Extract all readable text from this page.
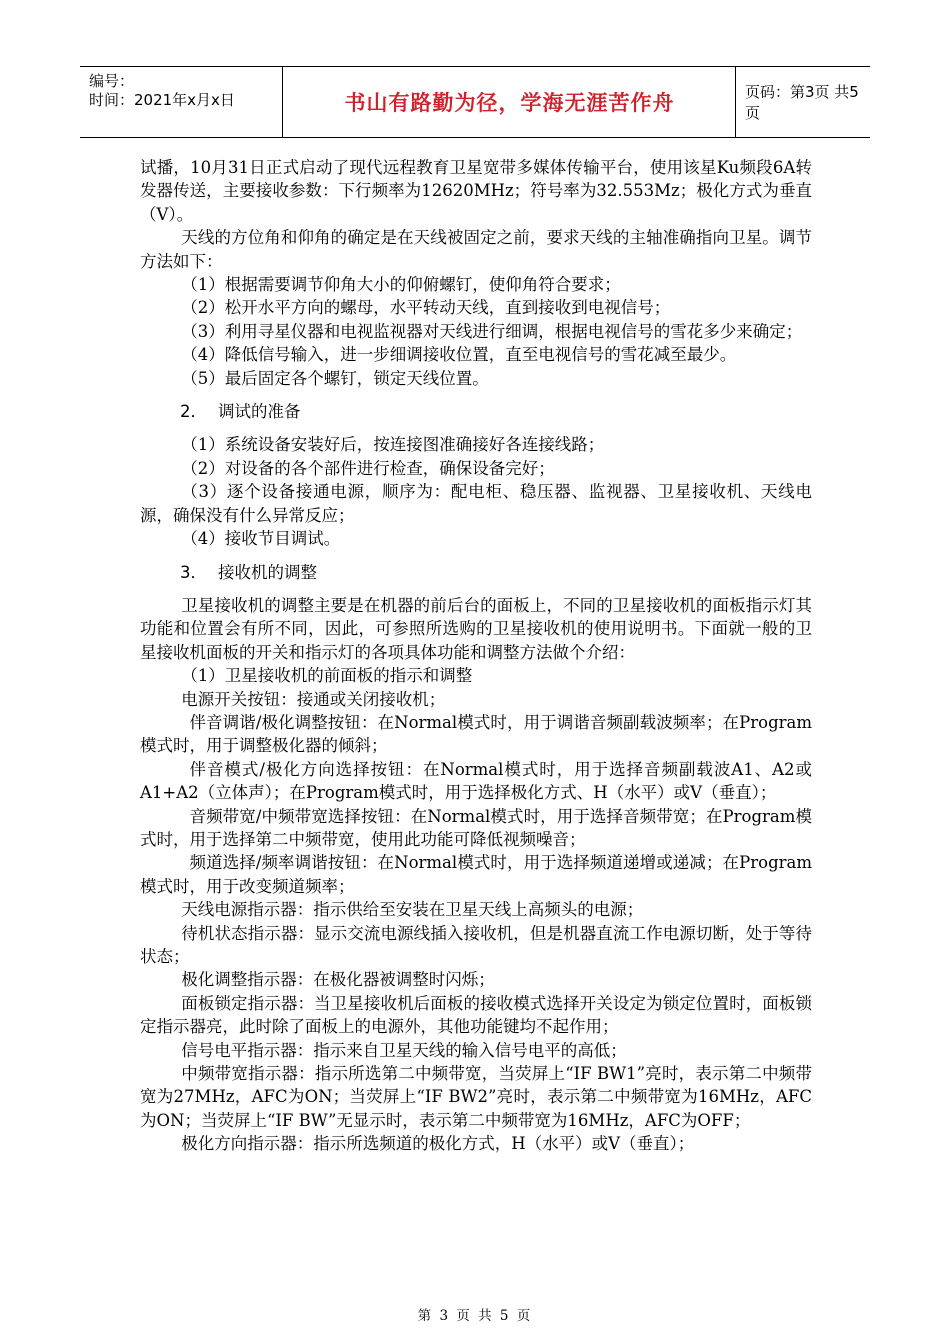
编号：
时间：2021年x月x日	书山有路勤为径，学海无涯苦作舟	页码：第3页 共5页

试播，10月31日正式启动了现代远程教育卫星宽带多媒体传输平台，使用该星Ku频段6A转发器传送，主要接收参数：下行频率为12620MHz；符号率为32.553Mz；极化方式为垂直（V）。

天线的方位角和仰角的确定是在天线被固定之前，要求天线的主轴准确指向卫星。调节方法如下：

（1）根据需要调节仰角大小的仰俯螺钉，使仰角符合要求；

（2）松开水平方向的螺母，水平转动天线，直到接收到电视信号；

（3）利用寻星仪器和电视监视器对天线进行细调，根据电视信号的雪花多少来确定；

（4）降低信号输入，进一步细调接收位置，直至电视信号的雪花减至最少。

（5）最后固定各个螺钉，锁定天线位置。

2． 调试的准备

（1）系统设备安装好后，按连接图准确接好各连接线路；

（2）对设备的各个部件进行检查，确保设备完好；

（3）逐个设备接通电源，顺序为：配电柜、稳压器、监视器、卫星接收机、天线电源，确保没有什么异常反应；

（4）接收节目调试。

3． 接收机的调整

卫星接收机的调整主要是在机器的前后台的面板上，不同的卫星接收机的面板指示灯其功能和位置会有所不同，因此，可参照所选购的卫星接收机的使用说明书。下面就一般的卫星接收机面板的开关和指示灯的各项具体功能和调整方法做个介绍：

（1）卫星接收机的前面板的指示和调整

电源开关按钮：接通或关闭接收机；

伴音调谐/极化调整按钮：在Normal模式时，用于调谐音频副载波频率；在Program模式时，用于调整极化器的倾斜；

伴音模式/极化方向选择按钮：在Normal模式时，用于选择音频副载波A1、A2或A1+A2（立体声）；在Program模式时，用于选择极化方式、H（水平）或V（垂直）；

音频带宽/中频带宽选择按钮：在Normal模式时，用于选择音频带宽；在Program模式时，用于选择第二中频带宽，使用此功能可降低视频噪音；

频道选择/频率调谐按钮：在Normal模式时，用于选择频道递增或递减；在Program模式时，用于改变频道频率；

天线电源指示器：指示供给至安装在卫星天线上高频头的电源；

待机状态指示器：显示交流电源线插入接收机，但是机器直流工作电源切断，处于等待状态；

极化调整指示器：在极化器被调整时闪烁；

面板锁定指示器：当卫星接收机后面板的接收模式选择开关设定为锁定位置时，面板锁定指示器亮，此时除了面板上的电源外，其他功能键均不起作用；

信号电平指示器：指示来自卫星天线的输入信号电平的高低；

中频带宽指示器：指示所选第二中频带宽，当荧屏上“IF BW1”亮时，表示第二中频带宽为27MHz，AFC为ON；当荧屏上“IF BW2”亮时，表示第二中频带宽为16MHz，AFC为ON；当荧屏上“IF BW”无显示时，表示第二中频带宽为16MHz，AFC为OFF；

极化方向指示器：指示所选频道的极化方式，H（水平）或V（垂直）；

第 3 页 共 5 页
